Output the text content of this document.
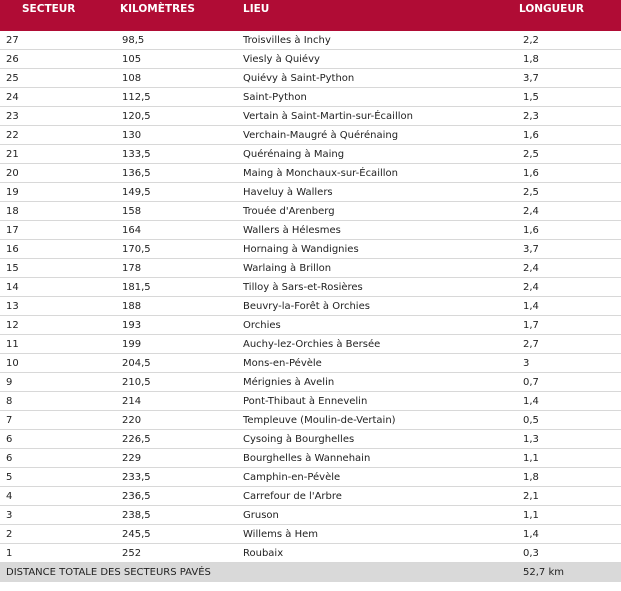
SECTEUR	KILOMÈTRES	LIEU	LONGUEUR
27	98,5	Troisvilles à Inchy	2,2
26	105	Viesly à Quiévy	1,8
25	108	Quiévy à Saint-Python	3,7
24	112,5	Saint-Python	1,5
23	120,5	Vertain à Saint-Martin-sur-Écaillon	2,3
22	130	Verchain-Maugré à Quérénaing	1,6
21	133,5	Quérénaing à Maing	2,5
20	136,5	Maing à Monchaux-sur-Écaillon	1,6
19	149,5	Haveluy à Wallers	2,5
18	158	Trouée d'Arenberg	2,4
17	164	Wallers à Hélesmes	1,6
16	170,5	Hornaing à Wandignies	3,7
15	178	Warlaing à Brillon	2,4
14	181,5	Tilloy à Sars-et-Rosières	2,4
13	188	Beuvry-la-Forêt à Orchies	1,4
12	193	Orchies	1,7
11	199	Auchy-lez-Orchies à Bersée	2,7
10	204,5	Mons-en-Pévèle	3
9	210,5	Mérignies à Avelin	0,7
8	214	Pont-Thibaut à Ennevelin	1,4
7	220	Templeuve (Moulin-de-Vertain)	0,5
6	226,5	Cysoing à Bourghelles	1,3
6	229	Bourghelles à Wannehain	1,1
5	233,5	Camphin-en-Pévèle	1,8
4	236,5	Carrefour de l'Arbre	2,1
3	238,5	Gruson	1,1
2	245,5	Willems à Hem	1,4
1	252	Roubaix	0,3
DISTANCE TOTALE DES SECTEURS PAVÉS			52,7 km
